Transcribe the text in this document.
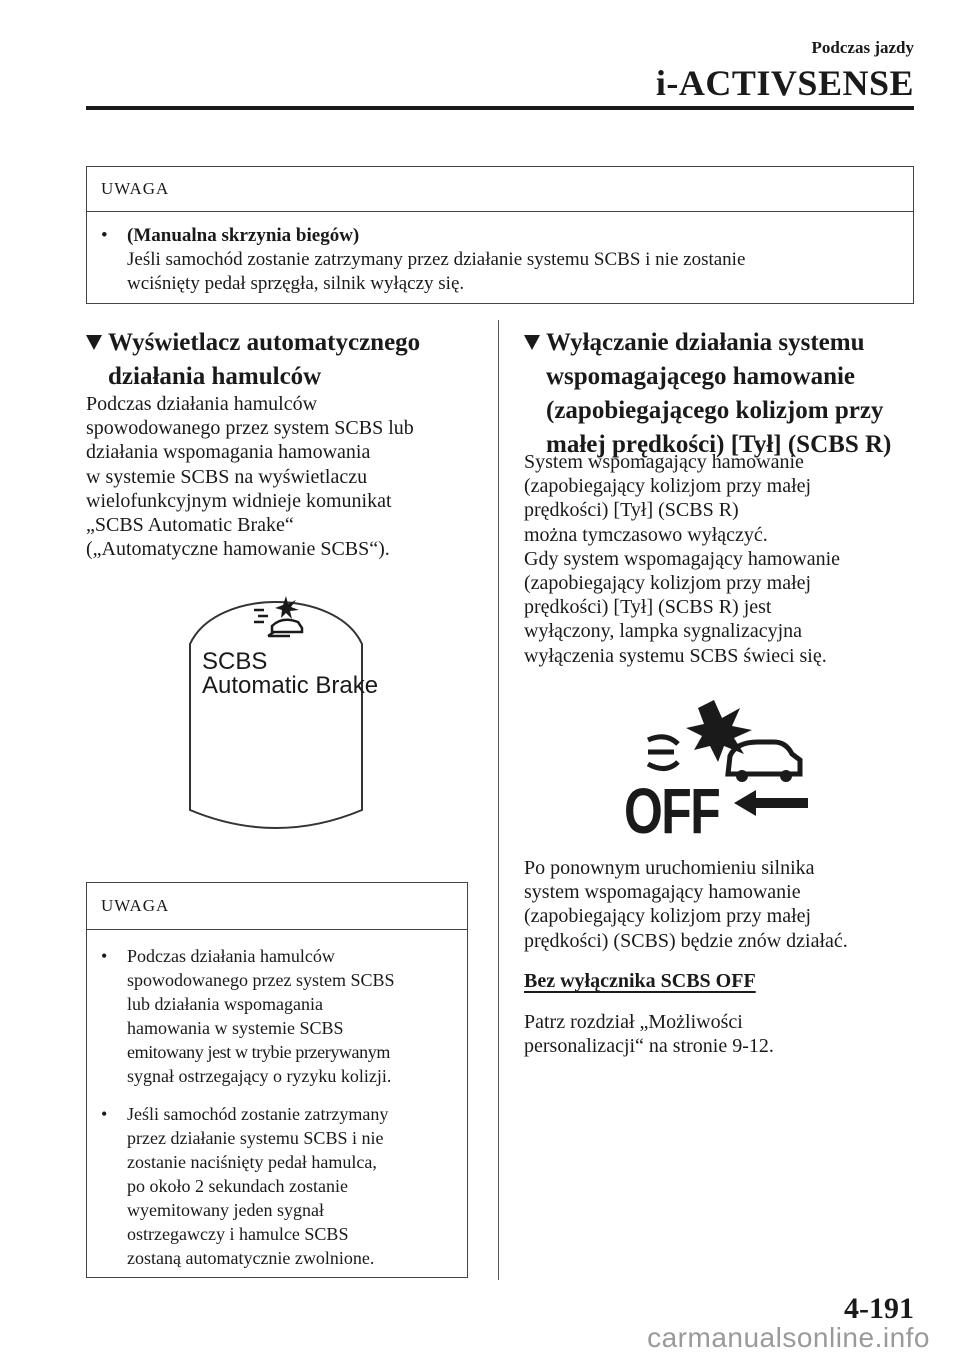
Podczas jazdy
i-ACTIVSENSE
UWAGA
• (Manualna skrzynia biegów)
Jeśli samochód zostanie zatrzymany przez działanie systemu SCBS i nie zostanie
wciśnięty pedał sprzęgła, silnik wyłączy się.
Wyświetlacz automatycznego
działania hamulców
Podczas działania hamulców
spowodowanego przez system SCBS lub
działania wspomagania hamowania
w systemie SCBS na wyświetlaczu
wielofunkcyjnym widnieje komunikat
„SCBS Automatic Brake“
(„Automatyczne hamowanie SCBS“).
SCBS
Automatic Brake
UWAGA
• Podczas działania hamulców
spowodowanego przez system SCBS
lub działania wspomagania
hamowania w systemie SCBS
emitowany jest w trybie przerywanym
sygnał ostrzegający o ryzyku kolizji.
• Jeśli samochód zostanie zatrzymany
przez działanie systemu SCBS i nie
zostanie naciśnięty pedał hamulca,
po około 2 sekundach zostanie
wyemitowany jeden sygnał
ostrzegawczy i hamulce SCBS
zostaną automatycznie zwolnione.
Wyłączanie działania systemu
wspomagającego hamowanie
(zapobiegającego kolizjom przy
małej prędkości) [Tył] (SCBS R)
System wspomagający hamowanie
(zapobiegający kolizjom przy małej
prędkości) [Tył] (SCBS R)
można tymczasowo wyłączyć.
Gdy system wspomagający hamowanie
(zapobiegający kolizjom przy małej
prędkości) [Tył] (SCBS R) jest
wyłączony, lampka sygnalizacyjna
wyłączenia systemu SCBS świeci się.
OFF
Po ponownym uruchomieniu silnika
system wspomagający hamowanie
(zapobiegający kolizjom przy małej
prędkości) (SCBS) będzie znów działać.
Bez wyłącznika SCBS OFF
Patrz rozdział „Możliwości
personalizacji“ na stronie 9-12.
4-191
carmanualsonline.info
